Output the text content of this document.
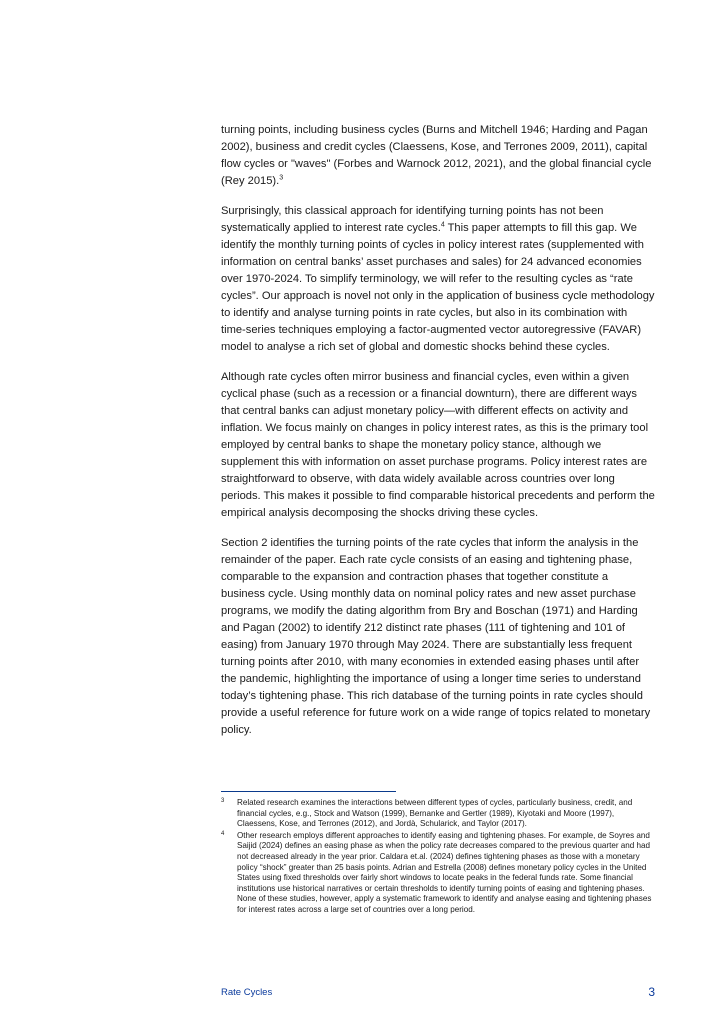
turning points, including business cycles (Burns and Mitchell 1946; Harding and Pagan 2002), business and credit cycles (Claessens, Kose, and Terrones 2009, 2011), capital flow cycles or "waves" (Forbes and Warnock 2012, 2021), and the global financial cycle (Rey 2015).$^3$

Surprisingly, this classical approach for identifying turning points has not been systematically applied to interest rate cycles.$^4$ This paper attempts to fill this gap. We identify the monthly turning points of cycles in policy interest rates (supplemented with information on central banks’ asset purchases and sales) for 24 advanced economies over 1970-2024. To simplify terminology, we will refer to the resulting cycles as “rate cycles”. Our approach is novel not only in the application of business cycle methodology to identify and analyse turning points in rate cycles, but also in its combination with time-series techniques employing a factor-augmented vector autoregressive (FAVAR) model to analyse a rich set of global and domestic shocks behind these cycles.

Although rate cycles often mirror business and financial cycles, even within a given cyclical phase (such as a recession or a financial downturn), there are different ways that central banks can adjust monetary policy—with different effects on activity and inflation. We focus mainly on changes in policy interest rates, as this is the primary tool employed by central banks to shape the monetary policy stance, although we supplement this with information on asset purchase programs. Policy interest rates are straightforward to observe, with data widely available across countries over long periods. This makes it possible to find comparable historical precedents and perform the empirical analysis decomposing the shocks driving these cycles.

Section 2 identifies the turning points of the rate cycles that inform the analysis in the remainder of the paper. Each rate cycle consists of an easing and tightening phase, comparable to the expansion and contraction phases that together constitute a business cycle. Using monthly data on nominal policy rates and new asset purchase programs, we modify the dating algorithm from Bry and Boschan (1971) and Harding and Pagan (2002) to identify 212 distinct rate phases (111 of tightening and 101 of easing) from January 1970 through May 2024. There are substantially less frequent turning points after 2010, with many economies in extended easing phases until after the pandemic, highlighting the importance of using a longer time series to understand today’s tightening phase. This rich database of the turning points in rate cycles should provide a useful reference for future work on a wide range of topics related to monetary policy.

3 Related research examines the interactions between different types of cycles, particularly business, credit, and financial cycles, e.g., Stock and Watson (1999), Bernanke and Gertler (1989), Kiyotaki and Moore (1997), Claessens, Kose, and Terrones (2012), and Jordà, Schularick, and Taylor (2017).
4 Other research employs different approaches to identify easing and tightening phases. For example, de Soyres and Saijid (2024) defines an easing phase as when the policy rate decreases compared to the previous quarter and had not decreased already in the year prior. Caldara et.al. (2024) defines tightening phases as those with a monetary policy “shock” greater than 25 basis points. Adrian and Estrella (2008) defines monetary policy cycles in the United States using fixed thresholds over fairly short windows to locate peaks in the federal funds rate. Some financial institutions use historical narratives or certain thresholds to identify turning points of easing and tightening phases. None of these studies, however, apply a systematic framework to identify and analyse easing and tightening phases for interest rates across a large set of countries over a long period.
Rate Cycles	3
